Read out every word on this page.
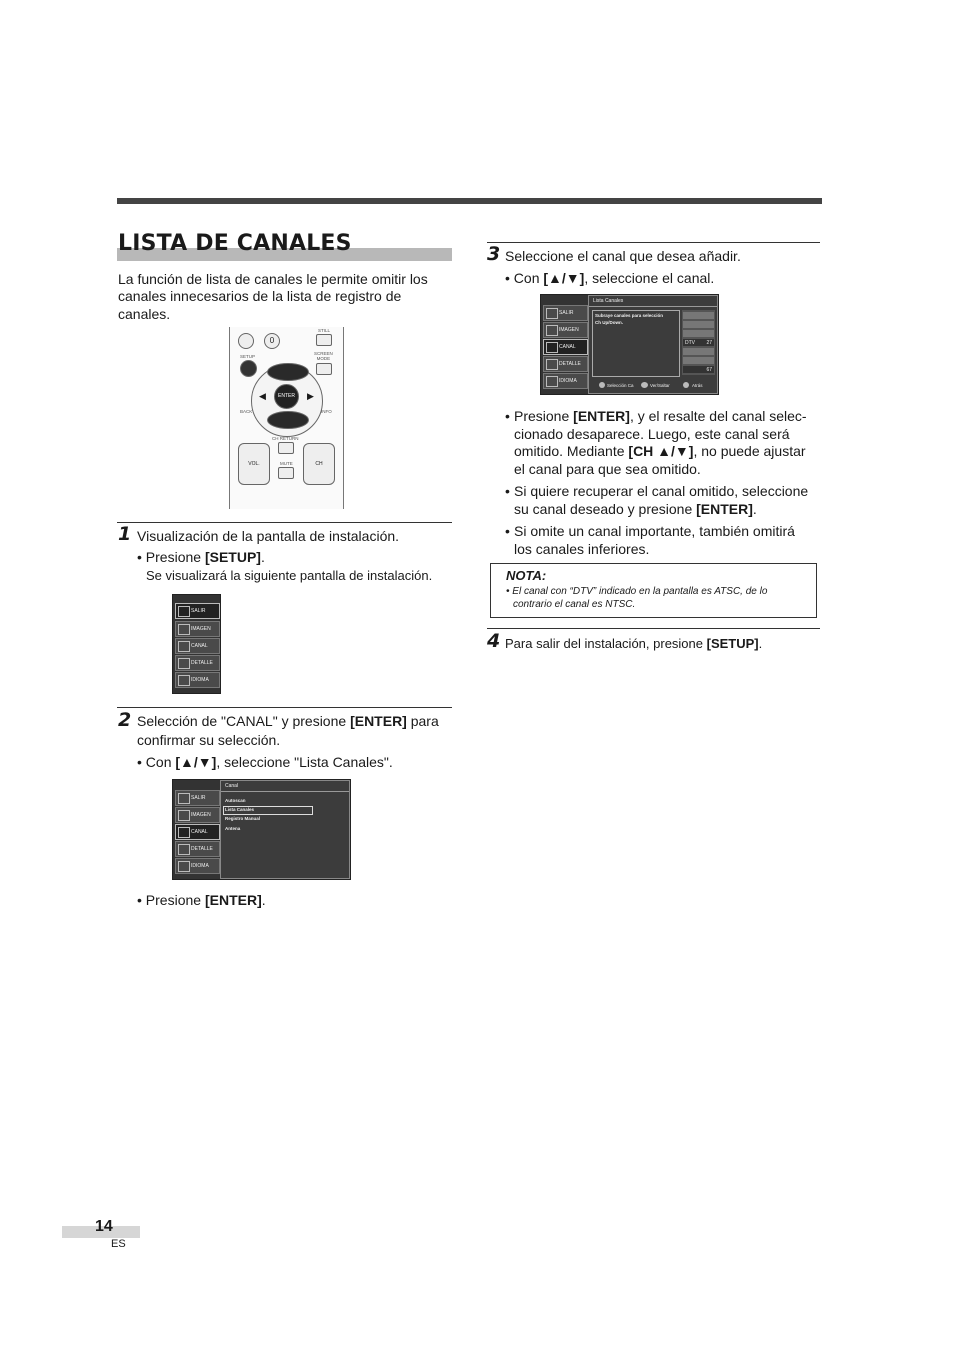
LISTA DE CANALES
La función de lista de canales le permite omitir los
canales innecesarios de la lista de registro de
canales.
0
STILL
SETUP
SCREEN
MODE
◀	▶
ENTER
BACK	INFO
CH RETURN
VOL.	CH
MUTE
1 Visualización de la pantalla de instalación.
• Presione [SETUP].
Se visualizará la siguiente pantalla de instalación.
SALIR
IMAGEN
CANAL
DETALLE
IDIOMA
2 Selección de "CANAL" y presione [ENTER] para
confirmar su selección.
• Con [▲/▼], seleccione "Lista Canales".
SALIR
IMAGEN
CANAL
DETALLE
IDIOMA
Canal
Autoscan
Lista Canales
Registro Manual
Antena
• Presione [ENTER].
3 Seleccione el canal que desea añadir.
• Con [▲/▼], seleccione el canal.
SALIR
IMAGEN
CANAL
DETALLE
IDIOMA
Lista Canales
Subraye canales para selección
Ch Up/Down.
DTV 27
67
Selección Ca	Ver/Saltar	Atrás
• Presione [ENTER], y el resalte del canal selec-
cionado desaparece. Luego, este canal será
omitido. Mediante [CH ▲/▼], no puede ajustar
el canal para que sea omitido.
• Si quiere recuperar el canal omitido, seleccione
su canal deseado y presione [ENTER].
• Si omite un canal importante, también omitirá
los canales inferiores.
NOTA:
• El canal con “DTV” indicado en la pantalla es ATSC, de lo
contrario el canal es NTSC.
4 Para salir del instalación, presione [SETUP].
14
ES
